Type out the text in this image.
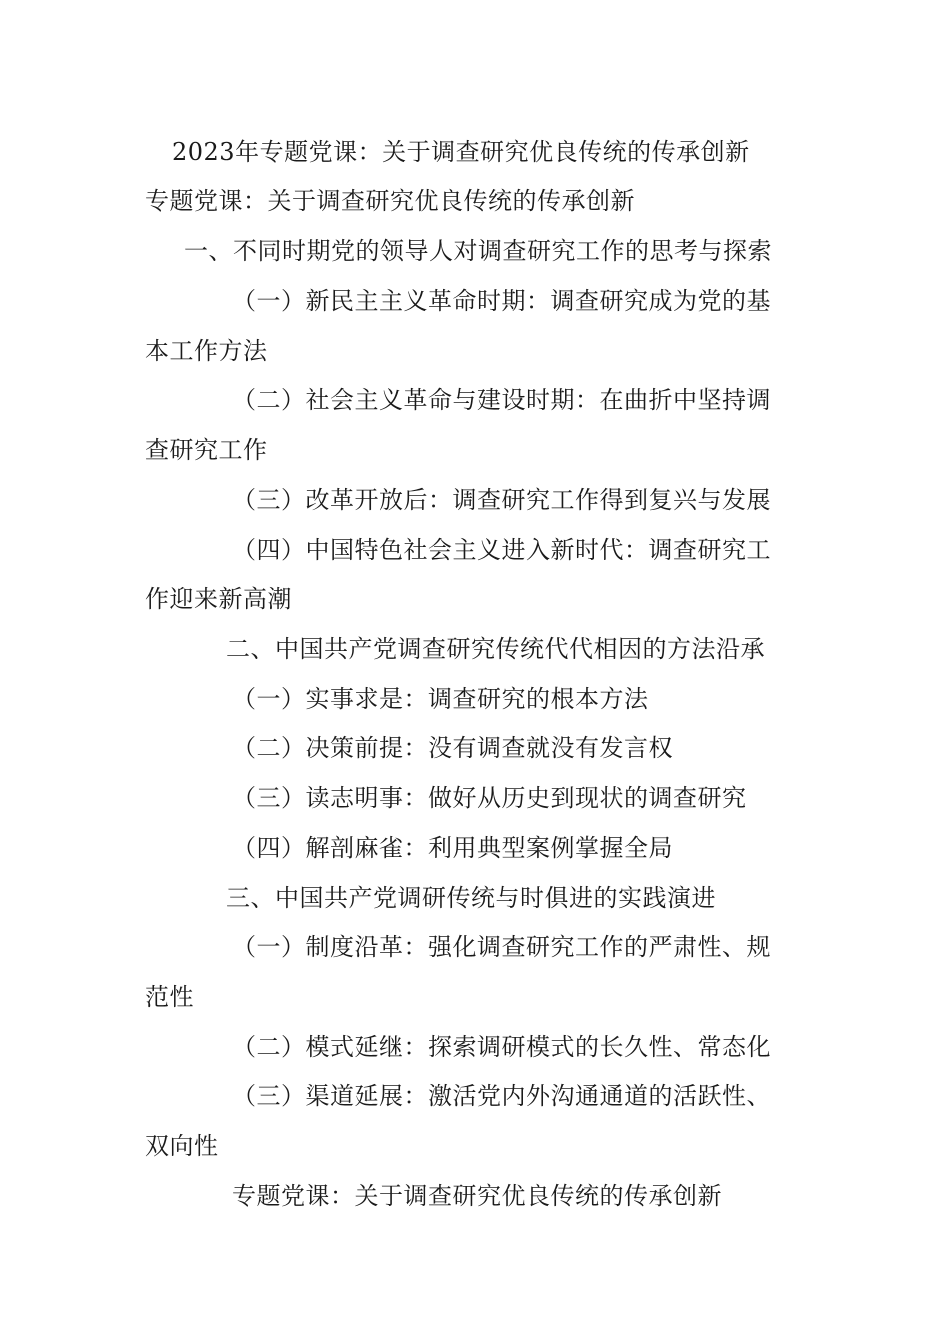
2023年专题党课：关于调查研究优良传统的传承创新
专题党课：关于调查研究优良传统的传承创新
一、不同时期党的领导人对调查研究工作的思考与探索
（一）新民主主义革命时期：调查研究成为党的基
本工作方法
（二）社会主义革命与建设时期：在曲折中坚持调
查研究工作
（三）改革开放后：调查研究工作得到复兴与发展
（四）中国特色社会主义进入新时代：调查研究工
作迎来新高潮
二、中国共产党调查研究传统代代相因的方法沿承
（一）实事求是：调查研究的根本方法
（二）决策前提：没有调查就没有发言权
（三）读志明事：做好从历史到现状的调查研究
（四）解剖麻雀：利用典型案例掌握全局
三、中国共产党调研传统与时俱进的实践演进
（一）制度沿革：强化调查研究工作的严肃性、规
范性
（二）模式延继：探索调研模式的长久性、常态化
（三）渠道延展：激活党内外沟通通道的活跃性、
双向性
专题党课：关于调查研究优良传统的传承创新
